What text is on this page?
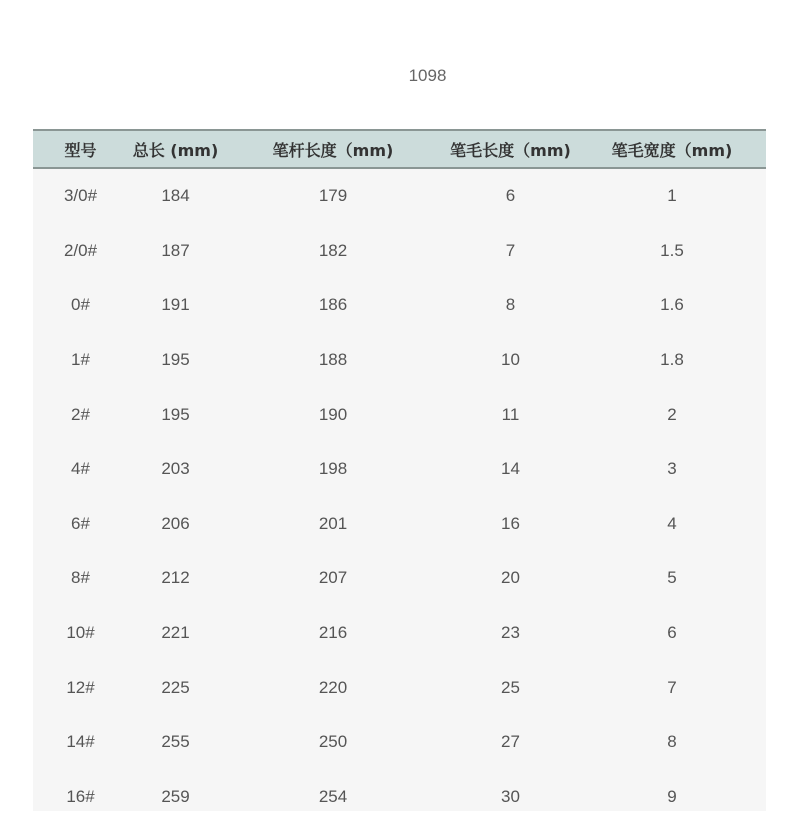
1098
型号	总长 (mm)	笔杆长度（mm)	笔毛长度（mm)	笔毛宽度（mm)
3/0#	184	179	6	1
2/0#	187	182	7	1.5
0#	191	186	8	1.6
1#	195	188	10	1.8
2#	195	190	11	2
4#	203	198	14	3
6#	206	201	16	4
8#	212	207	20	5
10#	221	216	23	6
12#	225	220	25	7
14#	255	250	27	8
16#	259	254	30	9
